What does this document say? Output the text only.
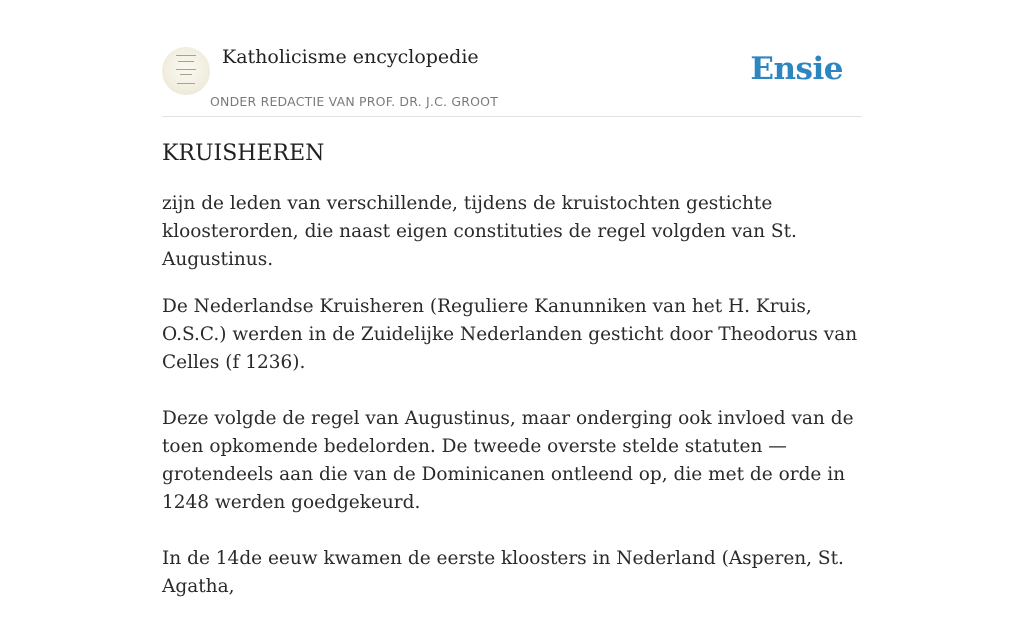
Katholicisme encyclopedie
ONDER REDACTIE VAN PROF. DR. J.C. GROOT
Ensie
KRUISHEREN

zijn de leden van verschillende, tijdens de kruistochten gestichte kloosterorden, die naast eigen constituties de regel volgden van St. Augustinus.

De Nederlandse Kruisheren (Reguliere Kanunniken van het H. Kruis, O.S.C.) werden in de Zuidelijke Nederlanden gesticht door Theodorus van Celles (f 1236).

Deze volgde de regel van Augustinus, maar onderging ook invloed van de toen opkomende bedelorden. De tweede overste stelde statuten — grotendeels aan die van de Dominicanen ontleend op, die met de orde in 1248 werden goedgekeurd.

In de 14de eeuw kwamen de eerste kloosters in Nederland (Asperen, St. Agatha,
